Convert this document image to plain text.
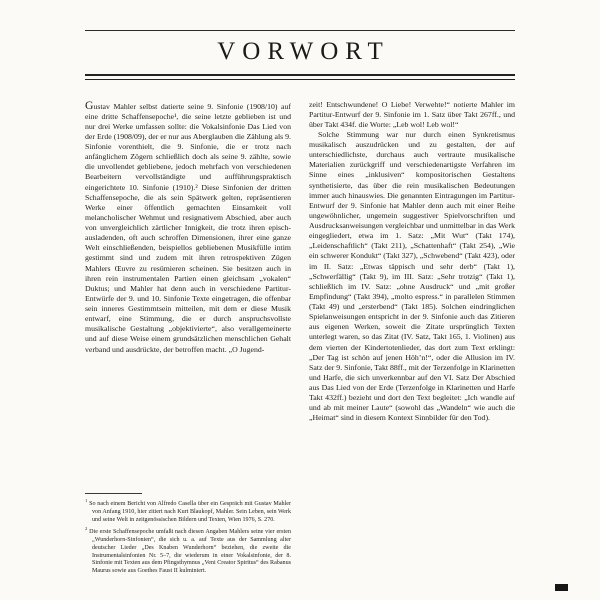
VORWORT

Gustav Mahler selbst datierte seine 9. Sinfonie (1908/10) auf eine dritte Schaffensepoche¹, die seine letzte geblieben ist und nur drei Werke umfassen sollte: die Vokalsinfonie Das Lied von der Erde (1908/09), der er nur aus Aberglauben die Zählung als 9. Sinfonie vorenthielt, die 9. Sinfonie, die er trotz nach anfänglichem Zögern schließlich doch als seine 9. zählte, sowie die unvollendet gebliebene, jedoch mehrfach von verschiedenen Bearbeitern vervollständigte und aufführungspraktisch eingerichtete 10. Sinfonie (1910).² Diese Sinfonien der dritten Schaffensepoche, die als sein Spätwerk gelten, repräsentieren Werke einer öffentlich gemachten Einsamkeit voll melancholischer Wehmut und resignativem Abschied, aber auch von unvergleichlich zärtlicher Innigkeit, die trotz ihren episch-ausladenden, oft auch schroffen Dimensionen, ihrer eine ganze Welt einschließenden, beispiellos gebliebenen Musikfülle intim gestimmt sind und zudem mit ihren retrospektiven Zügen Mahlers Œuvre zu resümieren scheinen. Sie besitzen auch in ihren rein instrumentalen Partien einen gleichsam „vokalen“ Duktus; und Mahler hat denn auch in verschiedene Partitur-Entwürfe der 9. und 10. Sinfonie Texte eingetragen, die offenbar sein inneres Gestimmtsein mitteilen, mit dem er diese Musik entwarf, eine Stimmung, die er durch anspruchsvollste musikalische Gestaltung „objektivierte“, also verallgemeinerte und auf diese Weise einem grundsätzlichen menschlichen Gehalt verband und ausdrückte, der betroffen macht. „O Jugend-

$^1$ So nach einem Bericht von Alfredo Casella über ein Gespräch mit Gustav Mahler von Anfang 1910, hier zitiert nach Kurt Blaukopf, Mahler. Sein Leben, sein Werk und seine Welt in zeitgenössischen Bildern und Texten, Wien 1976, S. 270.

$^2$ Die erste Schaffensepoche umfaßt nach diesen Angaben Mahlers seine vier ersten „Wunderhorn-Sinfonien“, die sich u. a. auf Texte aus der Sammlung alter deutscher Lieder „Des Knaben Wunderhorn“ beziehen, die zweite die Instrumentalsinfonien Nr. 5–7, die wiederum in einer Vokalsinfonie, der 8. Sinfonie mit Texten aus dem Pfingsthymnus „Veni Creator Spiritus“ des Rabanus Maurus sowie aus Goethes Faust II kulminiert.

zeit! Entschwundene! O Liebe! Verwehte!“ notierte Mahler im Partitur-Entwurf der 9. Sinfonie im 1. Satz über Takt 267ff., und über Takt 434f. die Worte: „Leb wol! Leb wol!“

Solche Stimmung war nur durch einen Synkretismus musikalisch auszudrücken und zu gestalten, der auf unterschiedlichste, durchaus auch vertraute musikalische Materialien zurückgriff und verschiedenartigste Verfahren im Sinne eines „inklusiven“ kompositorischen Gestaltens synthetisierte, das über die rein musikalischen Bedeutungen immer auch hinauswies. Die genannten Eintragungen im Partitur-Entwurf der 9. Sinfonie hat Mahler denn auch mit einer Reihe ungewöhnlicher, ungemein suggestiver Spielvorschriften und Ausdrucksanweisungen vergleichbar und unmittelbar in das Werk eingegliedert, etwa im 1. Satz: „Mit Wut“ (Takt 174), „Leidenschaftlich“ (Takt 211), „Schattenhaft“ (Takt 254), „Wie ein schwerer Kondukt“ (Takt 327), „Schwebend“ (Takt 423), oder im II. Satz: „Etwas täppisch und sehr derb“ (Takt 1), „Schwerfällig“ (Takt 9), im III. Satz: „Sehr trotzig“ (Takt 1), schließlich im IV. Satz: „ohne Ausdruck“ und „mit großer Empfindung“ (Takt 394), „molto espress.“ in parallelen Stimmen (Takt 49) und „ersterbend“ (Takt 185). Solchen eindringlichen Spielanweisungen entspricht in der 9. Sinfonie auch das Zitieren aus eigenen Werken, soweit die Zitate ursprünglich Texten unterlegt waren, so das Zitat (IV. Satz, Takt 165, 1. Violinen) aus dem vierten der Kindertotenlieder, das dort zum Text erklingt: „Der Tag ist schön auf jenen Höh’n!“, oder die Allusion im IV. Satz der 9. Sinfonie, Takt 88ff., mit der Terzenfolge in Klarinetten und Harfe, die sich unverkennbar auf den VI. Satz Der Abschied aus Das Lied von der Erde (Terzenfolge in Klarinetten und Harfe Takt 432ff.) bezieht und dort den Text begleitet: „Ich wandle auf und ab mit meiner Laute“ (sowohl das „Wandeln“ wie auch die „Heimat“ sind in diesem Kontext Sinnbilder für den Tod).
